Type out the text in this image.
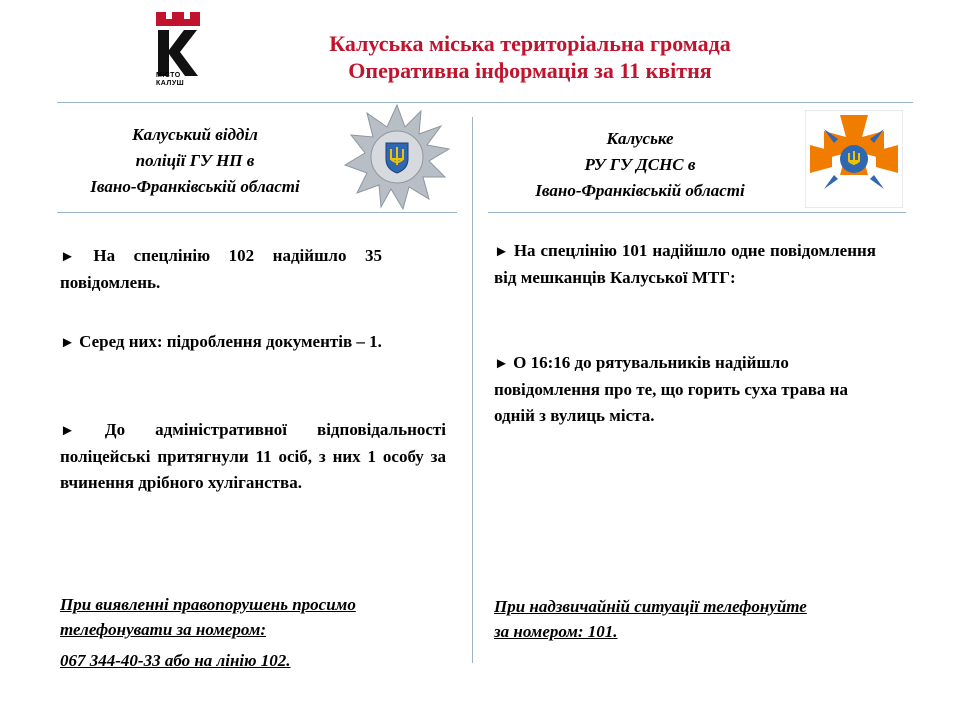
МІСТО
КАЛУШ
Калуська міська територіальна громада
Оперативна інформація за 11 квітня
Калуський відділ
поліції ГУ НП в
Івано-Франківській області
► На спецлінію 102 надійшло 35 повідомлень.
► Серед них: підроблення документів – 1.
► До адміністративної відповідальності поліцейські притягнули 11 осіб, з них 1 особу за вчинення дрібного хуліганства.
При виявленні правопорушень просимо
телефонувати за номером:
067 344-40-33 або на лінію 102.
Калуське
РУ ГУ ДСНС в
Івано-Франківській області
► На спецлінію 101 надійшло одне повідомлення від мешканців Калуської МТГ:
► О 16:16 до рятувальників надійшло повідомлення про те, що горить суха трава на одній з вулиць міста.
При надзвичайній ситуації телефонуйте
за номером: 101.
